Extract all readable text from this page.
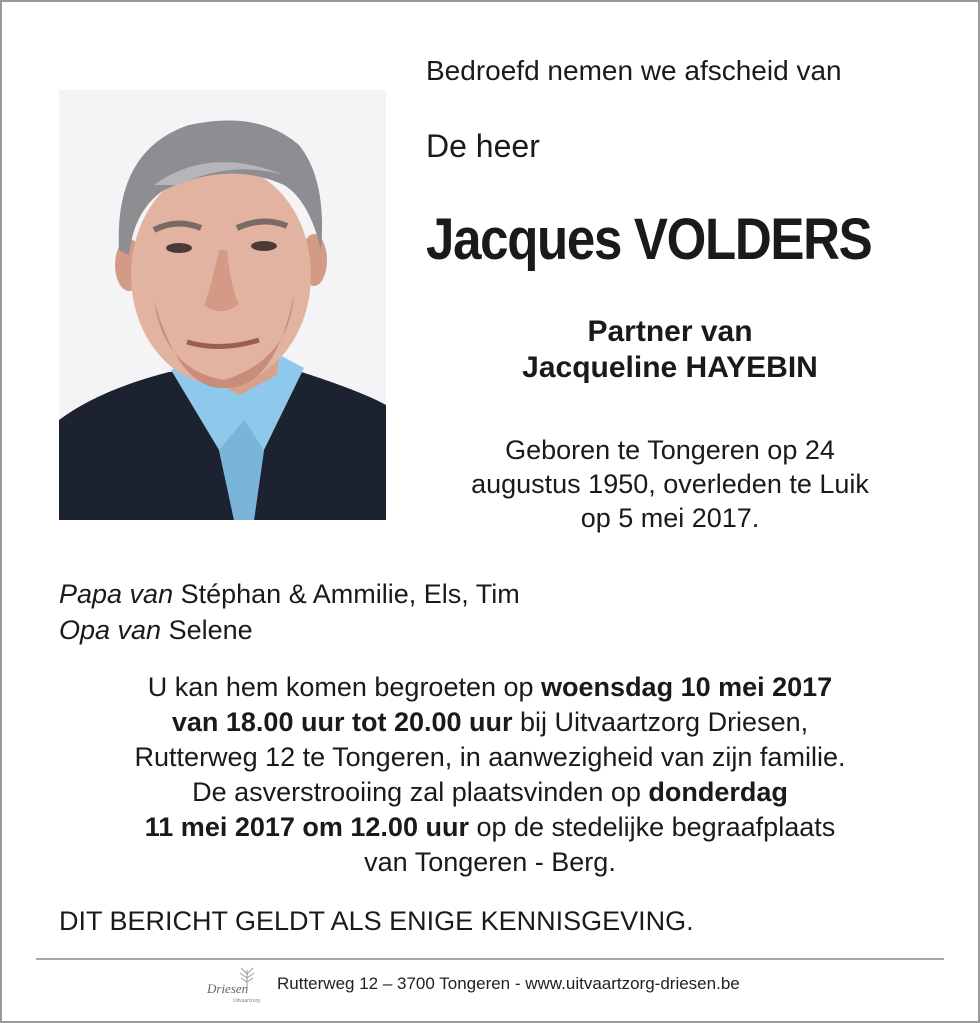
Bedroefd nemen we afscheid van
De heer
Jacques VOLDERS
Partner van
Jacqueline HAYEBIN
Geboren te Tongeren op 24
augustus 1950, overleden te Luik
op 5 mei 2017.
Papa van Stéphan & Ammilie, Els, Tim
Opa van Selene
U kan hem komen begroeten op woensdag 10 mei 2017
van 18.00 uur tot 20.00 uur bij Uitvaartzorg Driesen,
Rutterweg 12 te Tongeren, in aanwezigheid van zijn familie.
De asverstrooiing zal plaatsvinden op donderdag
11 mei 2017 om 12.00 uur op de stedelijke begraafplaats
van Tongeren - Berg.
DIT BERICHT GELDT ALS ENIGE KENNISGEVING.
Driesen
Uitvaartzorg
Rutterweg 12 – 3700 Tongeren - www.uitvaartzorg-driesen.be
